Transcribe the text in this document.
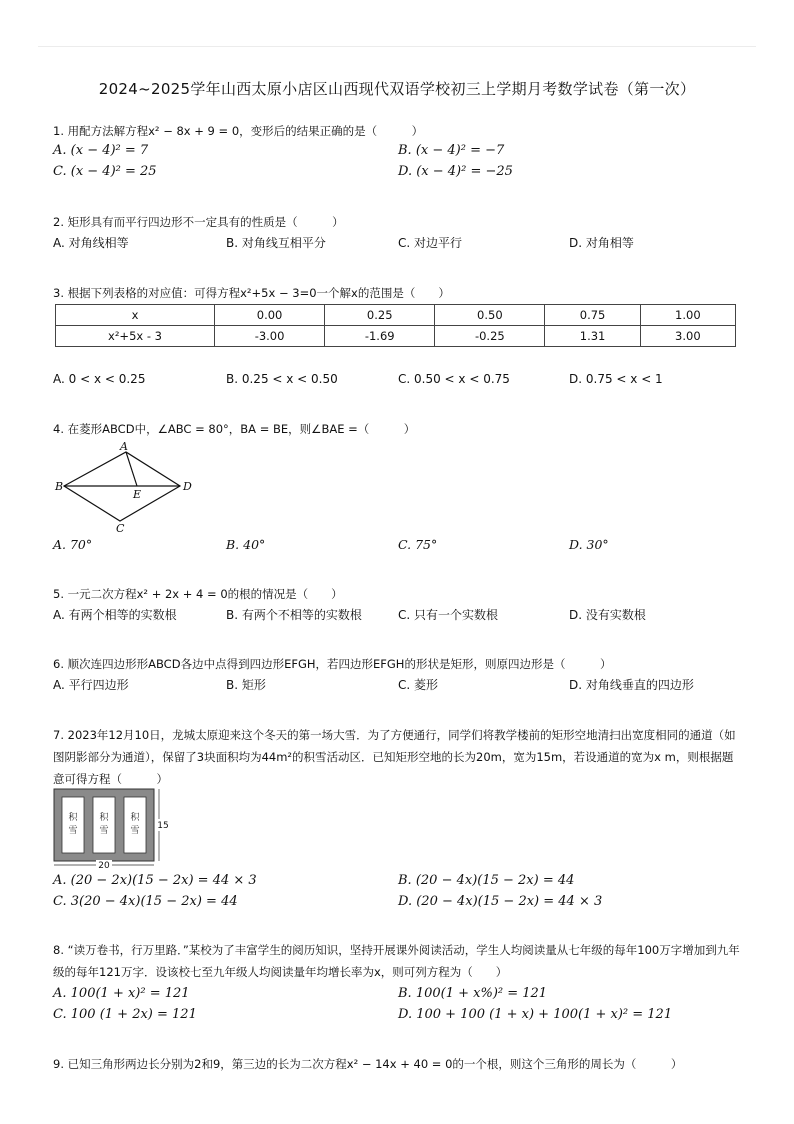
2024~2025学年山西太原小店区山西现代双语学校初三上学期月考数学试卷（第一次）
1. 用配方法解方程x² − 8x + 9 = 0，变形后的结果正确的是（　　　）
A. (x − 4)² = 7	B. (x − 4)² = −7
C. (x − 4)² = 25	D. (x − 4)² = −25
2. 矩形具有而平行四边形不一定具有的性质是（　　　）
A. 对角线相等	B. 对角线互相平分	C. 对边平行	D. 对角相等
3. 根据下列表格的对应值：可得方程x²+5x − 3=0一个解x的范围是（　　）
x	0.00	0.25	0.50	0.75	1.00
x²+5x - 3	-3.00	-1.69	-0.25	1.31	3.00
A. 0 < x < 0.25	B. 0.25 < x < 0.50	C. 0.50 < x < 0.75	D. 0.75 < x < 1
4. 在菱形ABCD中，∠ABC = 80°，BA = BE，则∠BAE =（　　　）
A
B
C
D
E
A. 70°	B. 40°	C. 75°	D. 30°
5. 一元二次方程x² + 2x + 4 = 0的根的情况是（　　）
A. 有两个相等的实数根	B. 有两个不相等的实数根	C. 只有一个实数根	D. 没有实数根
6. 顺次连四边形形ABCD各边中点得到四边形EFGH，若四边形EFGH的形状是矩形，则原四边形是（　　　）
A. 平行四边形	B. 矩形	C. 菱形	D. 对角线垂直的四边形
7. 2023年12月10日，龙城太原迎来这个冬天的第一场大雪．为了方便通行，同学们将教学楼前的矩形空地清扫出宽度相同的通道（如图阴影部分为通道），保留了3块面积均为44m²的积雪活动区．已知矩形空地的长为20m，宽为15m，若设通道的宽为x m，则根据题意可得方程（　　　）
积
雪
积
雪
积
雪
20
15
A. (20 − 2x)(15 − 2x) = 44 × 3	B. (20 − 4x)(15 − 2x) = 44
C. 3(20 − 4x)(15 − 2x) = 44	D. (20 − 4x)(15 − 2x) = 44 × 3
8. “读万卷书，行万里路．”某校为了丰富学生的阅历知识，坚持开展课外阅读活动，学生人均阅读量从七年级的每年100万字增加到九年级的每年121万字．设该校七至九年级人均阅读量年均增长率为x，则可列方程为（　　）
A. 100(1 + x)² = 121	B. 100(1 + x%)² = 121
C. 100 (1 + 2x) = 121	D. 100 + 100 (1 + x) + 100(1 + x)² = 121
9. 已知三角形两边长分别为2和9，第三边的长为二次方程x² − 14x + 40 = 0的一个根，则这个三角形的周长为（　　　）
